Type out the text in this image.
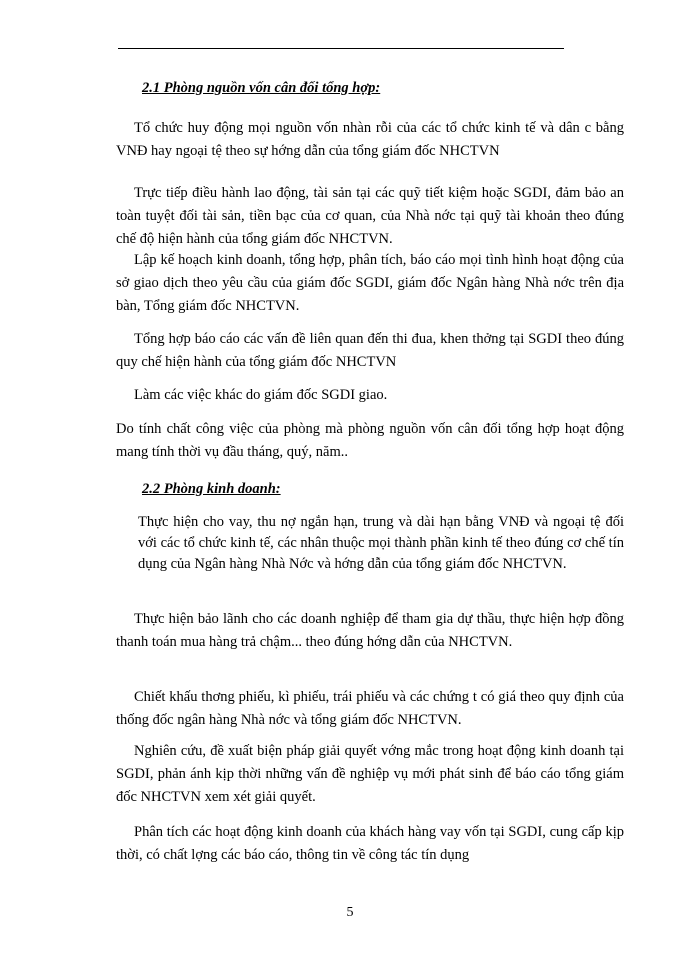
2.1 Phòng nguồn vốn cân đối tổng hợp:
Tổ chức huy động mọi nguồn vốn nhàn rỗi của các tổ chức kinh tế và dân c bằng VNĐ hay ngoại tệ theo sự hớng dẫn của tổng giám đốc NHCTVN
Trực tiếp điều hành lao động, tài sản tại các quỹ tiết kiệm hoặc SGDI, đảm bảo an toàn tuyệt đối tài sản, tiền bạc của cơ quan, của Nhà nớc tại quỹ tài khoản theo đúng chế độ hiện hành của tổng giám đốc NHCTVN.
Lập kế hoạch kinh doanh, tổng hợp, phân tích, báo cáo mọi tình hình hoạt động của sở giao dịch theo yêu cầu của giám đốc SGDI, giám đốc Ngân hàng Nhà nớc trên địa bàn, Tổng giám đốc NHCTVN.
Tổng hợp báo cáo các vấn đề liên quan đến thi đua, khen thởng tại SGDI theo đúng quy chế hiện hành của tổng giám đốc NHCTVN
Làm các việc khác do giám đốc SGDI giao.
Do tính chất công việc của phòng mà phòng nguồn vốn cân đối tổng hợp hoạt động mang tính thời vụ đầu tháng, quý, năm..
2.2 Phòng kinh doanh:
Thực hiện cho vay, thu nợ ngắn hạn, trung và dài hạn bằng VNĐ và ngoại tệ đối với các tổ chức kinh tế, các nhân thuộc mọi thành phần kinh tế theo đúng cơ chế tín dụng của Ngân hàng Nhà Nớc và hớng dẫn của tổng giám đốc NHCTVN.
Thực hiện bảo lãnh cho các doanh nghiệp để tham gia dự thầu, thực hiện hợp đồng thanh toán mua hàng trả chậm... theo đúng hớng dẫn của NHCTVN.
Chiết khấu thơng phiếu, kì phiếu, trái phiếu và các chứng t có giá theo quy định của thống đốc ngân hàng Nhà nớc và tổng giám đốc NHCTVN.
Nghiên cứu, đề xuất biện pháp giải quyết vớng mắc trong hoạt động kinh doanh tại SGDI, phản ánh kịp thời những vấn đề nghiệp vụ mới phát sinh để báo cáo tổng giám đốc NHCTVN xem xét giải quyết.
Phân tích các hoạt động kinh doanh của khách hàng vay vốn tại SGDI, cung cấp kịp thời, có chất lợng các báo cáo, thông tin về công tác tín dụng
5
